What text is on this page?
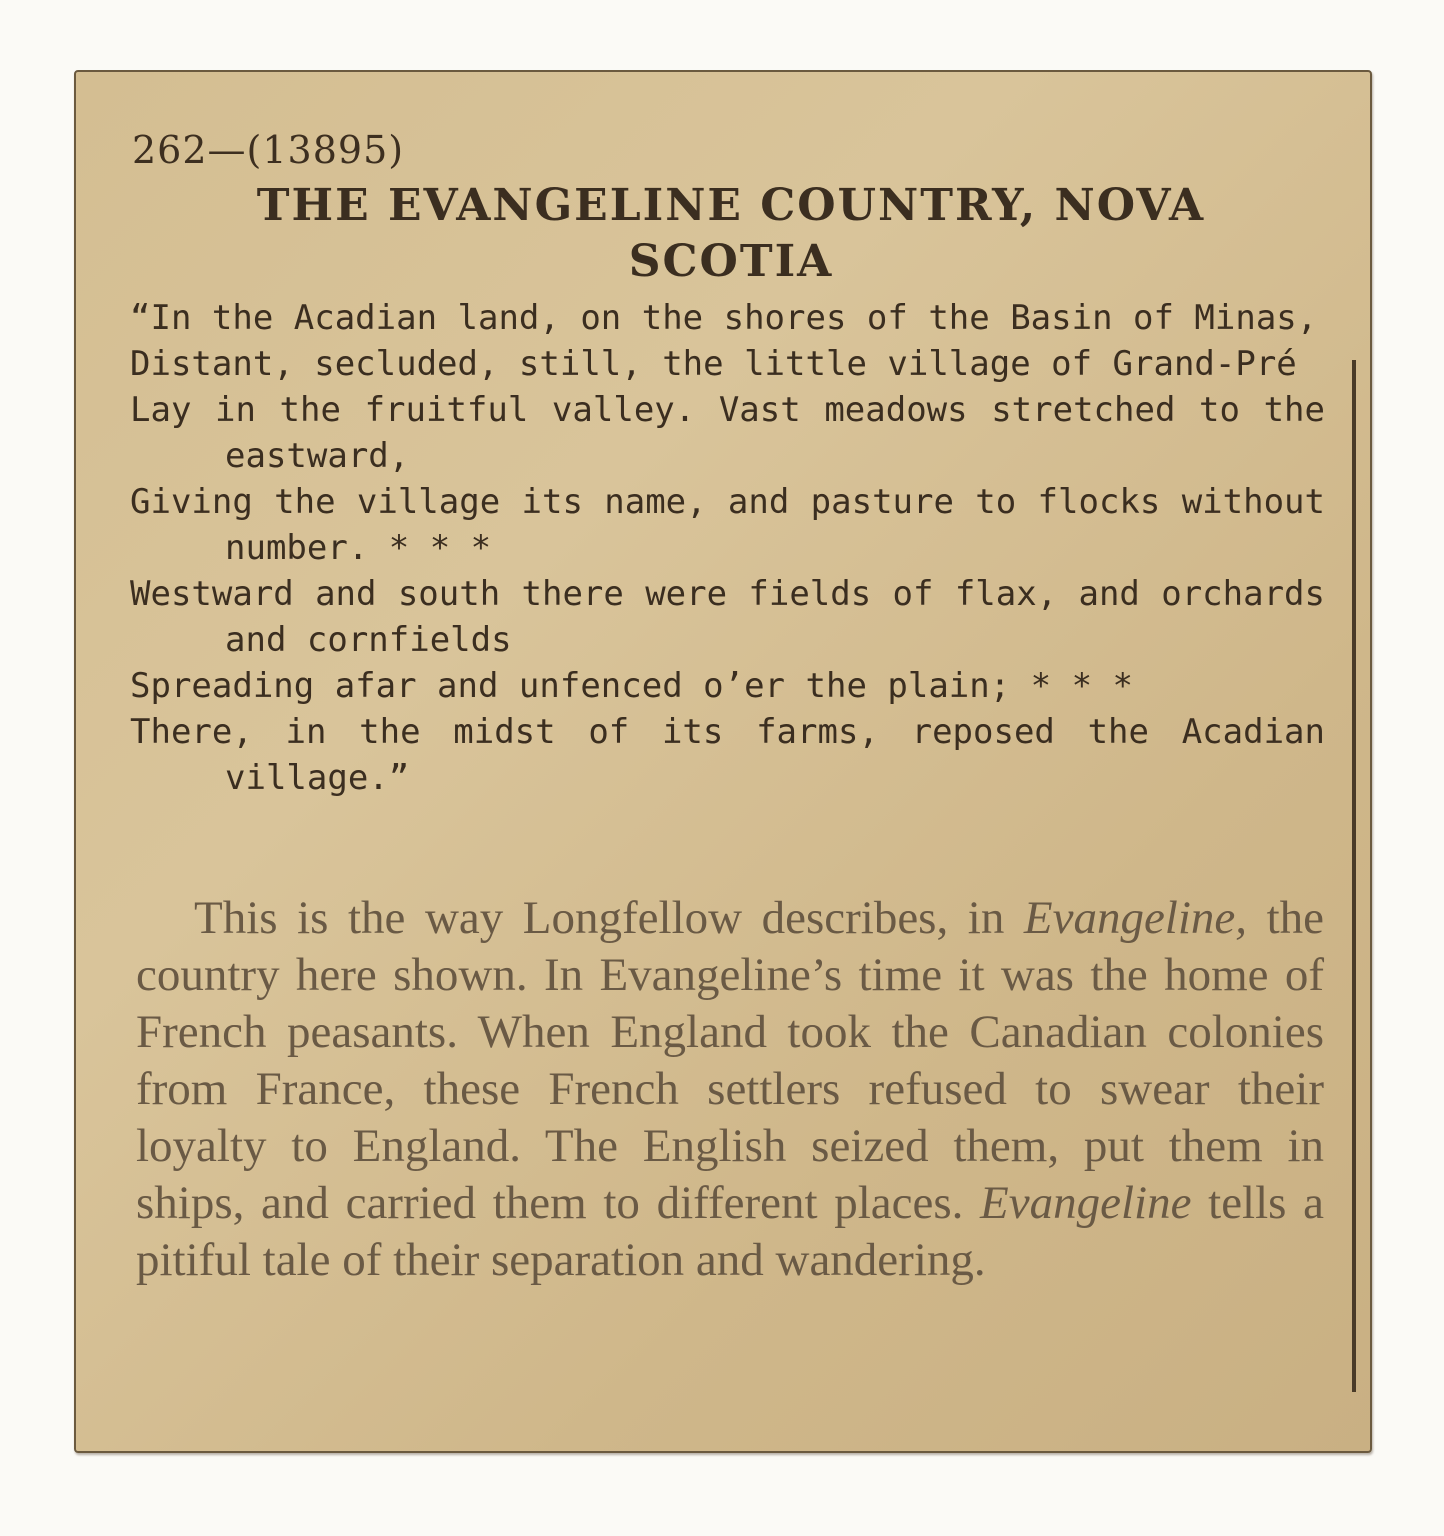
262—(13895)
THE EVANGELINE COUNTRY, NOVA
SCOTIA
“In the Acadian land, on the shores of the Basin of Minas,
Distant, secluded, still, the little village of Grand-Pré
Lay in the fruitful valley. Vast meadows stretched to the eastward,
Giving the village its name, and pasture to flocks without number. * * *
Westward and south there were fields of flax, and orchards and cornfields
Spreading afar and unfenced o’er the plain; * * *
There, in the midst of its farms, reposed the Acadian village.”

This is the way Longfellow describes, in Evangeline, the country here shown. In Evangeline’s time it was the home of French peasants. When England took the Canadian colonies from France, these French settlers refused to swear their loyalty to England. The English seized them, put them in ships, and carried them to different places. Evangeline tells a pitiful tale of their separation and wandering.
